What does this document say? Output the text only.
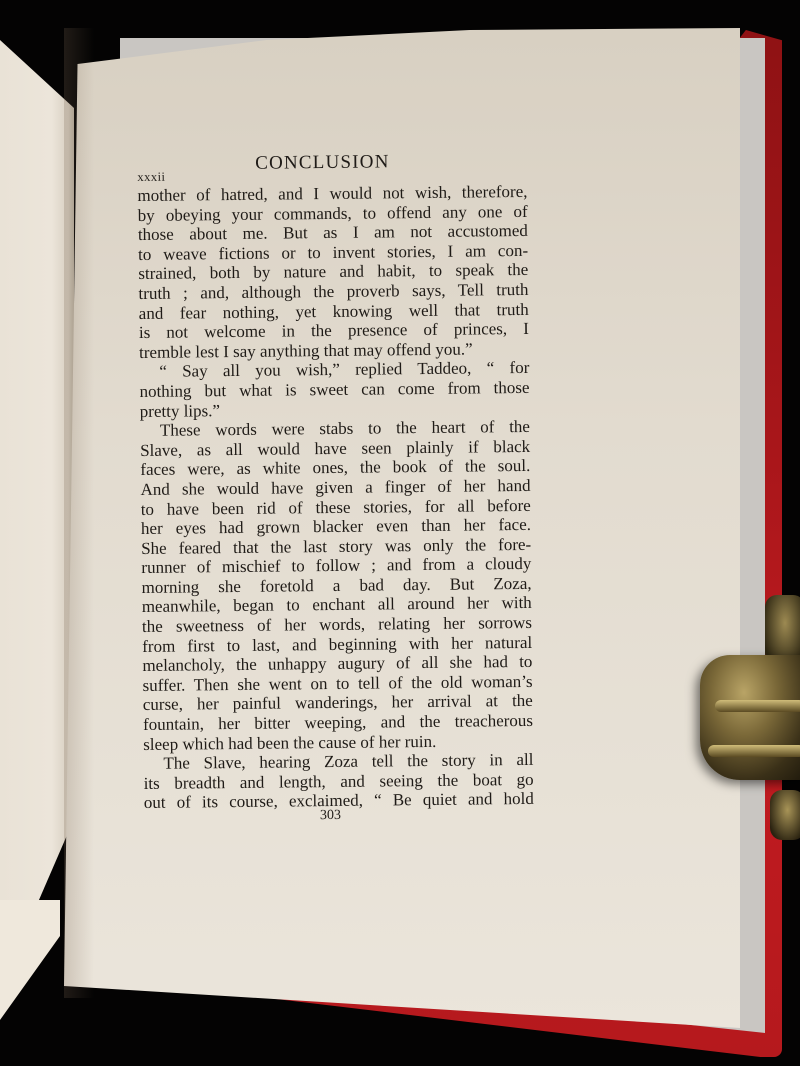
xxxii
CONCLUSION
mother of hatred, and I would not wish, therefore,
by obeying your commands, to offend any one of
those about me. But as I am not accustomed
to weave fictions or to invent stories, I am con-
strained, both by nature and habit, to speak the
truth ; and, although the proverb says, Tell truth
and fear nothing, yet knowing well that truth
is not welcome in the presence of princes, I
tremble lest I say anything that may offend you.”
“ Say all you wish,” replied Taddeo, “ for
nothing but what is sweet can come from those
pretty lips.”
These words were stabs to the heart of the
Slave, as all would have seen plainly if black
faces were, as white ones, the book of the soul.
And she would have given a finger of her hand
to have been rid of these stories, for all before
her eyes had grown blacker even than her face.
She feared that the last story was only the fore-
runner of mischief to follow ; and from a cloudy
morning she foretold a bad day. But Zoza,
meanwhile, began to enchant all around her with
the sweetness of her words, relating her sorrows
from first to last, and beginning with her natural
melancholy, the unhappy augury of all she had to
suffer. Then she went on to tell of the old woman’s
curse, her painful wanderings, her arrival at the
fountain, her bitter weeping, and the treacherous
sleep which had been the cause of her ruin.
The Slave, hearing Zoza tell the story in all
its breadth and length, and seeing the boat go
out of its course, exclaimed, “ Be quiet and hold
303
